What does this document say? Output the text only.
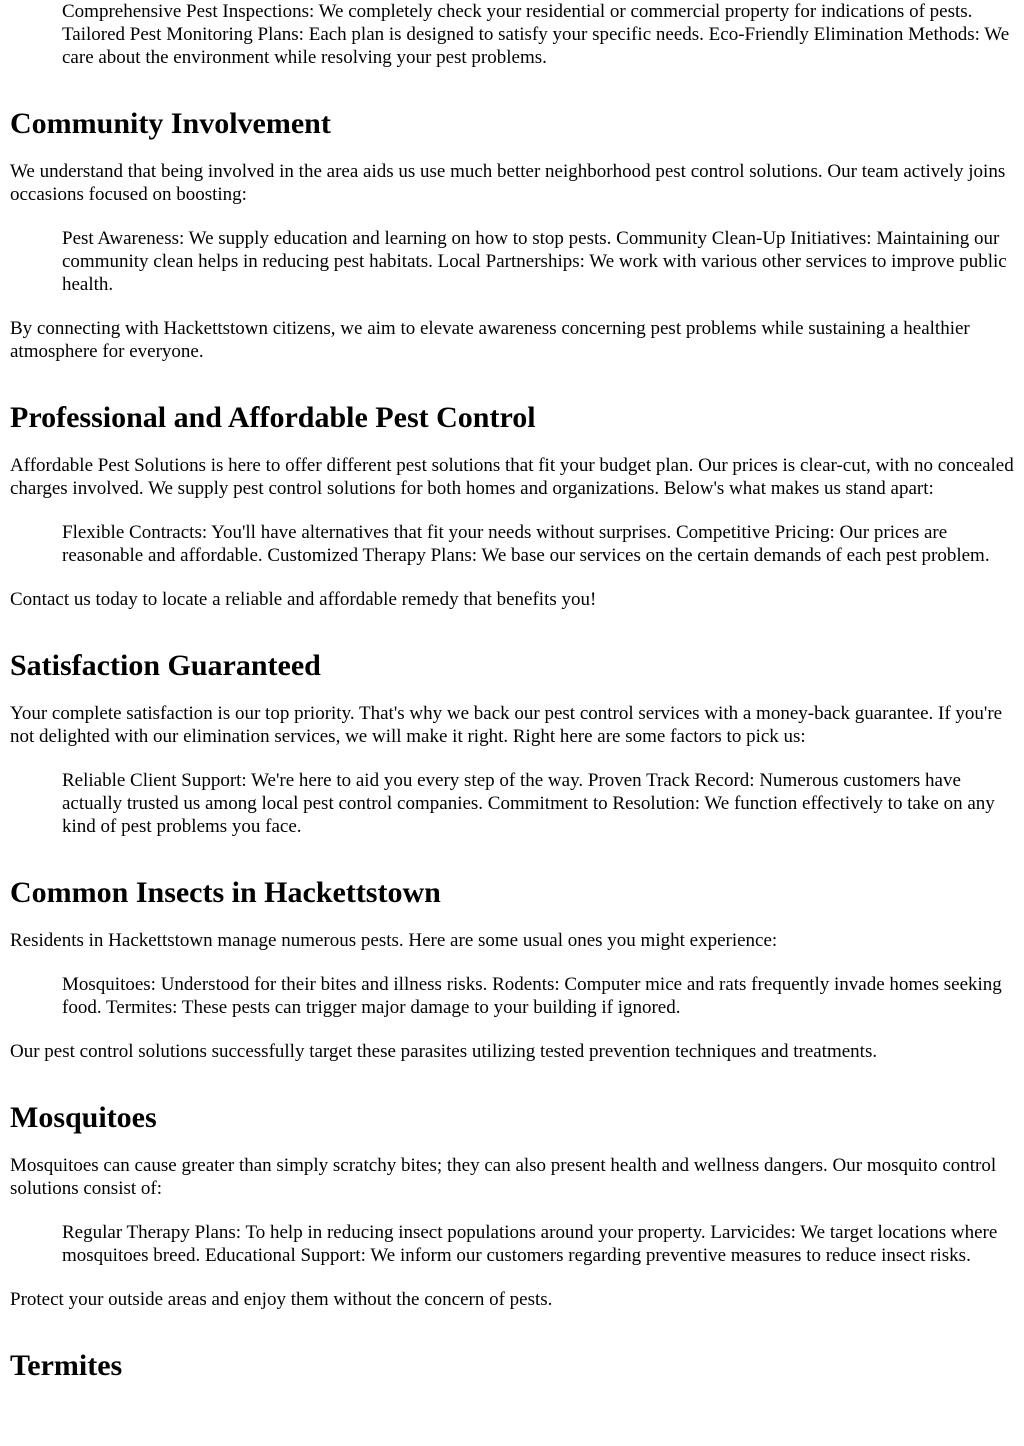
Comprehensive Pest Inspections: We completely check your residential or commercial property for indications of pests. Tailored Pest Monitoring Plans: Each plan is designed to satisfy your specific needs. Eco-Friendly Elimination Methods: We care about the environment while resolving your pest problems.

Community Involvement

We understand that being involved in the area aids us use much better neighborhood pest control solutions. Our team actively joins occasions focused on boosting:

Pest Awareness: We supply education and learning on how to stop pests. Community Clean-Up Initiatives: Maintaining our community clean helps in reducing pest habitats. Local Partnerships: We work with various other services to improve public health.

By connecting with Hackettstown citizens, we aim to elevate awareness concerning pest problems while sustaining a healthier atmosphere for everyone.

Professional and Affordable Pest Control

Affordable Pest Solutions is here to offer different pest solutions that fit your budget plan. Our prices is clear-cut, with no concealed charges involved. We supply pest control solutions for both homes and organizations. Below's what makes us stand apart:

Flexible Contracts: You'll have alternatives that fit your needs without surprises. Competitive Pricing: Our prices are reasonable and affordable. Customized Therapy Plans: We base our services on the certain demands of each pest problem.

Contact us today to locate a reliable and affordable remedy that benefits you!

Satisfaction Guaranteed

Your complete satisfaction is our top priority. That's why we back our pest control services with a money-back guarantee. If you're not delighted with our elimination services, we will make it right. Right here are some factors to pick us:

Reliable Client Support: We're here to aid you every step of the way. Proven Track Record: Numerous customers have actually trusted us among local pest control companies. Commitment to Resolution: We function effectively to take on any kind of pest problems you face.

Common Insects in Hackettstown

Residents in Hackettstown manage numerous pests. Here are some usual ones you might experience:

Mosquitoes: Understood for their bites and illness risks. Rodents: Computer mice and rats frequently invade homes seeking food. Termites: These pests can trigger major damage to your building if ignored.

Our pest control solutions successfully target these parasites utilizing tested prevention techniques and treatments.

Mosquitoes

Mosquitoes can cause greater than simply scratchy bites; they can also present health and wellness dangers. Our mosquito control solutions consist of:

Regular Therapy Plans: To help in reducing insect populations around your property. Larvicides: We target locations where mosquitoes breed. Educational Support: We inform our customers regarding preventive measures to reduce insect risks.

Protect your outside areas and enjoy them without the concern of pests.

Termites
